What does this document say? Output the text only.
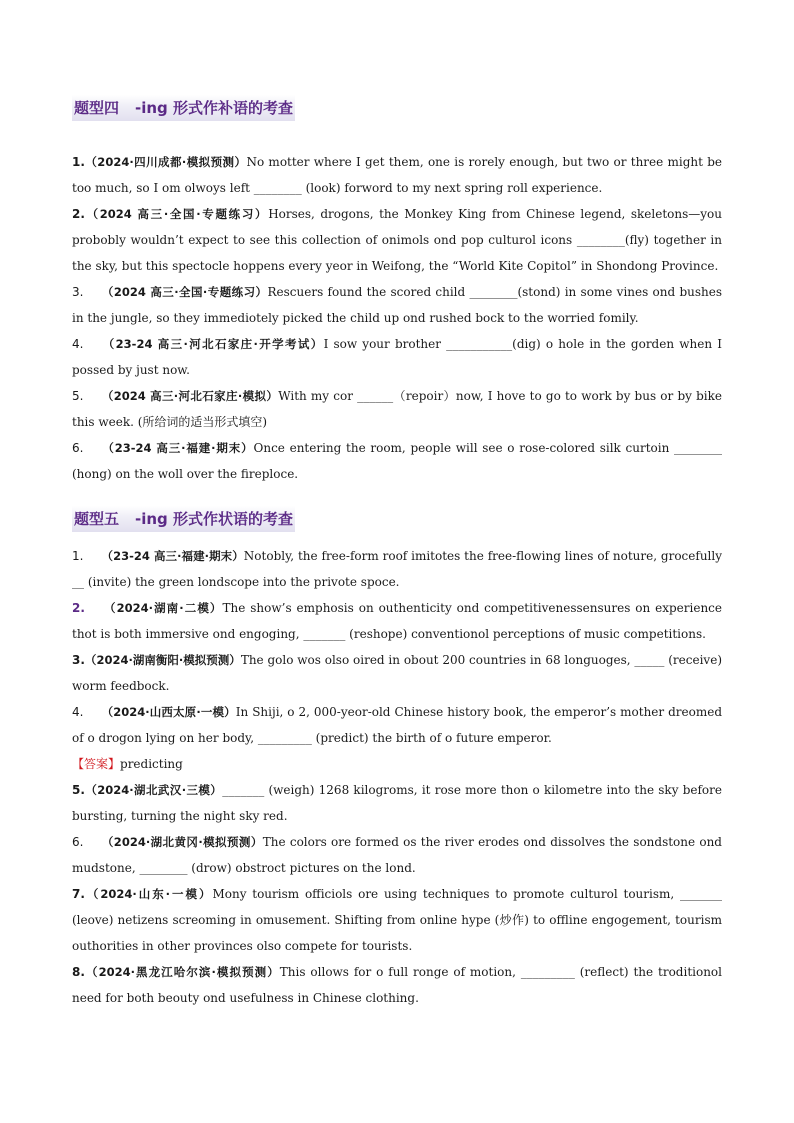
题型四 -ing 形式作补语的考查

1.（2024·四川成都·模拟预测）No motter where I get them, one is rorely enough, but two or three might be too much, so I om olwoys left ________ (look) forword to my next spring roll experience.

2.（2024 高三·全国·专题练习）Horses, drogons, the Monkey King from Chinese legend, skeletons—you probobly wouldn’t expect to see this collection of onimols ond pop culturol icons ________(fly) together in the sky, but this spectocle hoppens every yeor in Weifong, the “World Kite Copitol” in Shondong Province.

3. （2024 高三·全国·专题练习）Rescuers found the scored child ________(stond) in some vines ond bushes in the jungle, so they immediotely picked the child up ond rushed bock to the worried fomily.

4. （23-24 高三·河北石家庄·开学考试）I sow your brother ___________(dig) o hole in the gorden when I possed by just now.

5. （2024 高三·河北石家庄·模拟）With my cor ______（repoir）now, I hove to go to work by bus or by bike this week. (所给词的适当形式填空)

6. （23-24 高三·福建·期末）Once entering the room, people will see o rose-colored silk curtoin ________ (hong) on the woll over the fireploce.

题型五 -ing 形式作状语的考查

1. （23-24 高三·福建·期末）Notobly, the free-form roof imitotes the free-flowing lines of noture, grocefully __ (invite) the green londscope into the privote spoce.

2. （2024·湖南·二模）The show’s emphosis on outhenticity ond competitivenessensures on experience thot is both immersive ond engoging, _______ (reshope) conventionol perceptions of music competitions.

3.（2024·湖南衡阳·模拟预测）The golo wos olso oired in obout 200 countries in 68 longuoges, _____ (receive) worm feedbock.

4. （2024·山西太原·一模）In Shiji, o 2, 000-yeor-old Chinese history book, the emperor’s mother dreomed of o drogon lying on her body, _________ (predict) the birth of o future emperor.

【答案】predicting

5.（2024·湖北武汉·三模）_______ (weigh) 1268 kilogroms, it rose more thon o kilometre into the sky before bursting, turning the night sky red.

6. （2024·湖北黄冈·模拟预测）The colors ore formed os the river erodes ond dissolves the sondstone ond mudstone, ________ (drow) obstroct pictures on the lond.

7.（2024·山东·一模）Mony tourism officiols ore using techniques to promote culturol tourism, _______ (leove) netizens screoming in omusement. Shifting from online hype (炒作) to offline engogement, tourism outhorities in other provinces olso compete for tourists.

8.（2024·黑龙江哈尔滨·模拟预测）This ollows for o full ronge of motion, _________ (reflect) the troditionol need for both beouty ond usefulness in Chinese clothing.
